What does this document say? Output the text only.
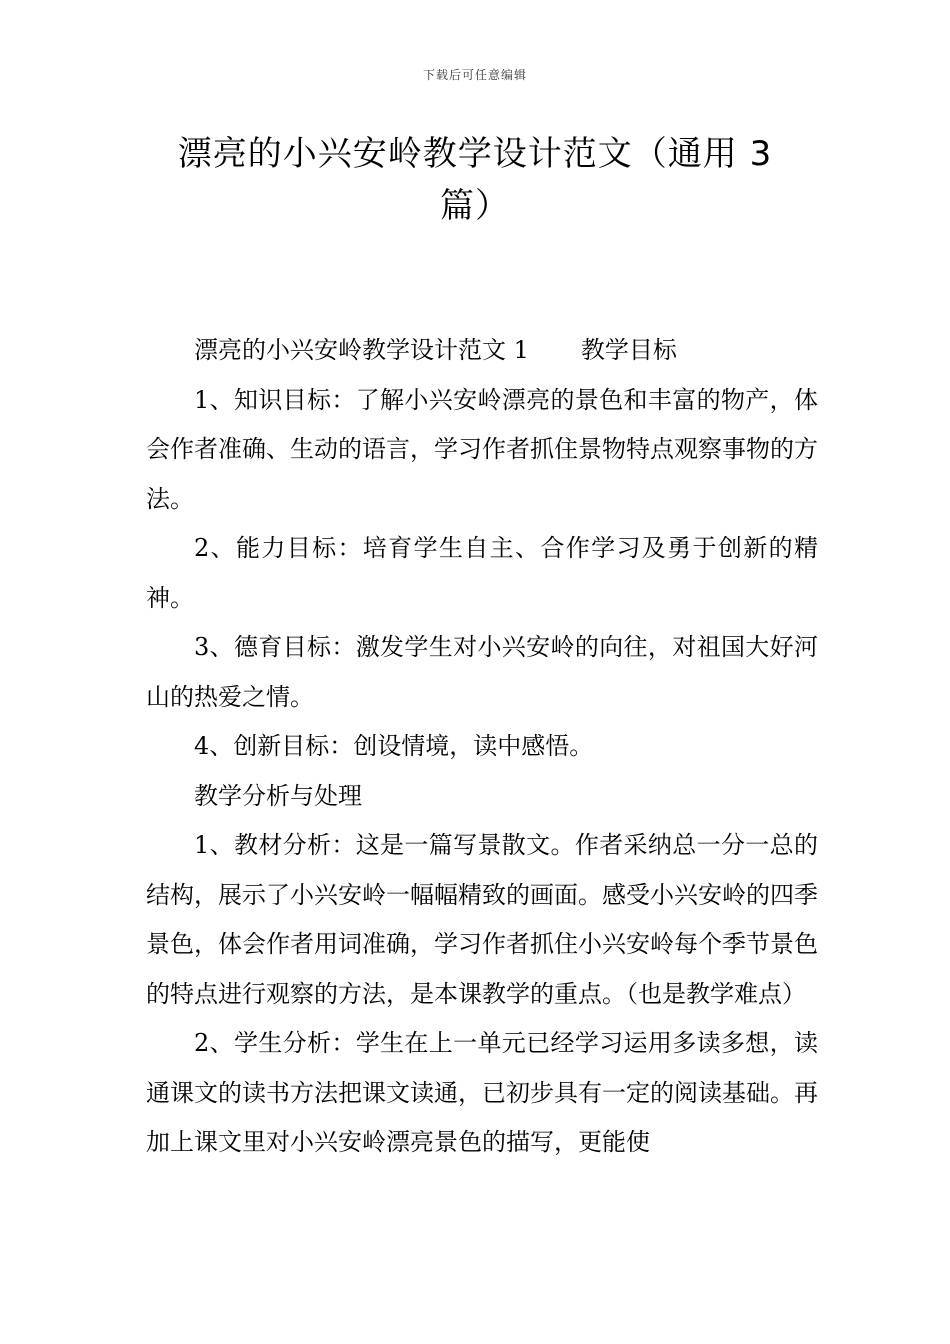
下载后可任意编辑
漂亮的小兴安岭教学设计范文（通用 3
篇）

漂亮的小兴安岭教学设计范文 1 教学目标

1、知识目标：了解小兴安岭漂亮的景色和丰富的物产，体会作者准确、生动的语言，学习作者抓住景物特点观察事物的方法。

2、能力目标：培育学生自主、合作学习及勇于创新的精神。

3、德育目标：激发学生对小兴安岭的向往，对祖国大好河山的热爱之情。

4、创新目标：创设情境，读中感悟。

教学分析与处理

1、教材分析：这是一篇写景散文。作者采纳总一分一总的结构，展示了小兴安岭一幅幅精致的画面。感受小兴安岭的四季景色，体会作者用词准确，学习作者抓住小兴安岭每个季节景色的特点进行观察的方法，是本课教学的重点。（也是教学难点）

2、学生分析：学生在上一单元已经学习运用多读多想，读通课文的读书方法把课文读通，已初步具有一定的阅读基础。再加上课文里对小兴安岭漂亮景色的描写，更能使
